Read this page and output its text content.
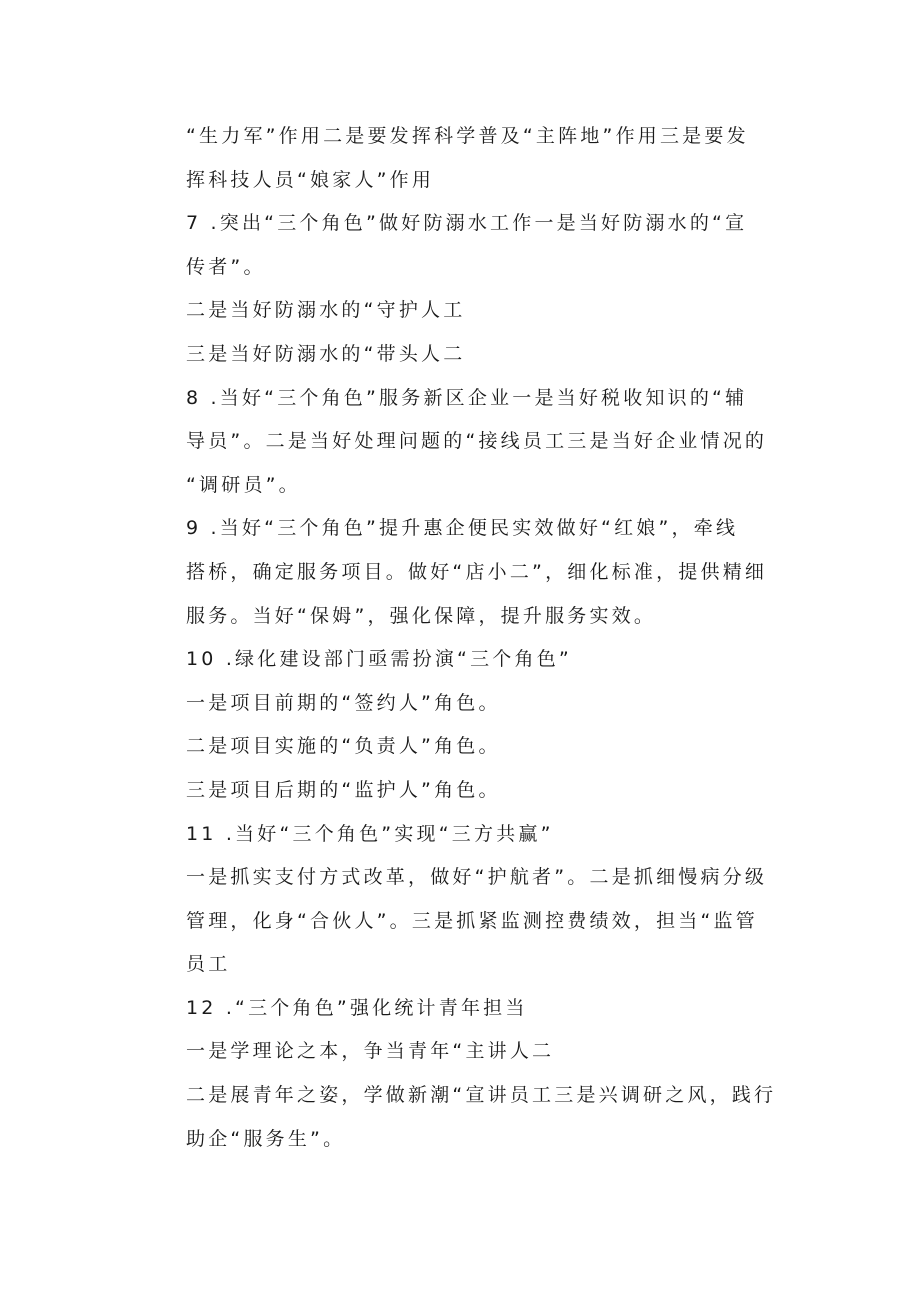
“生力军”作用二是要发挥科学普及“主阵地”作用三是要发
挥科技人员“娘家人”作用
7 .突出“三个角色”做好防溺水工作一是当好防溺水的“宣
传者”。
二是当好防溺水的“守护人工
三是当好防溺水的“带头人二
8 .当好“三个角色”服务新区企业一是当好税收知识的“辅
导员”。二是当好处理问题的“接线员工三是当好企业情况的
“调研员”。
9 .当好“三个角色”提升惠企便民实效做好“红娘”，牵线
搭桥，确定服务项目。做好“店小二”，细化标准，提供精细
服务。当好“保姆”，强化保障，提升服务实效。
10 .绿化建设部门亟需扮演“三个角色”
一是项目前期的“签约人”角色。
二是项目实施的“负责人”角色。
三是项目后期的“监护人”角色。
11 .当好“三个角色”实现“三方共赢”
一是抓实支付方式改革，做好“护航者”。二是抓细慢病分级
管理，化身“合伙人”。三是抓紧监测控费绩效，担当“监管
员工
12 .“三个角色”强化统计青年担当
一是学理论之本，争当青年“主讲人二
二是展青年之姿，学做新潮“宣讲员工三是兴调研之风，践行
助企“服务生”。
